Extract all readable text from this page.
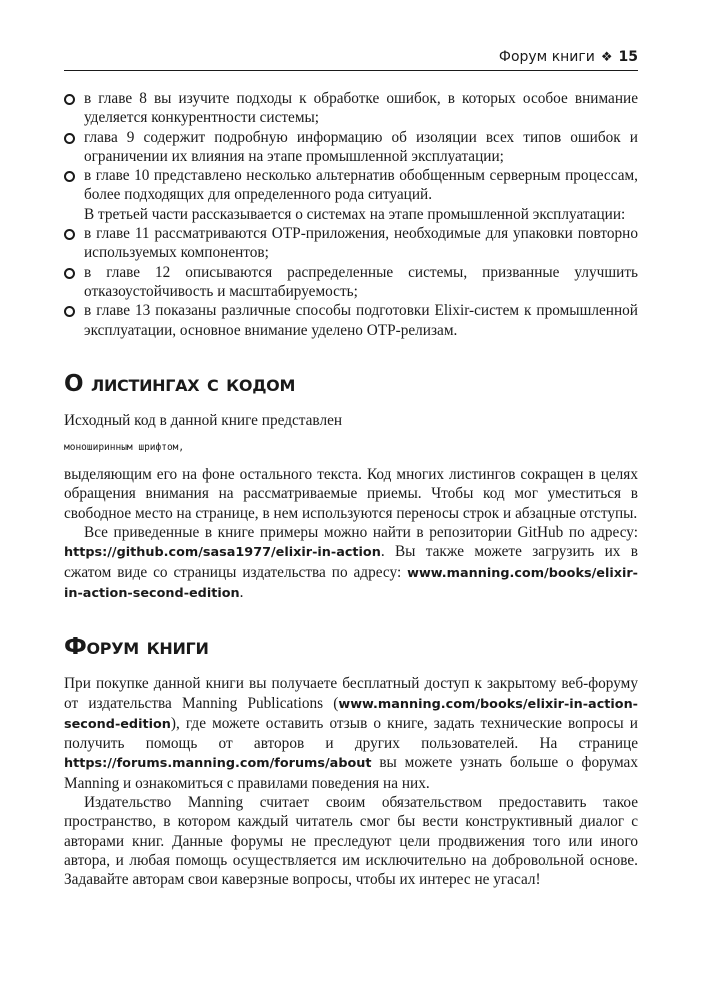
Форум книги ❖ 15
в главе 8 вы изучите подходы к обработке ошибок, в которых особое внимание уделяется конкурентности системы;
глава 9 содержит подробную информацию об изоляции всех типов ошибок и ограничении их влияния на этапе промышленной эксплуатации;
в главе 10 представлено несколько альтернатив обобщенным серверным процессам, более подходящих для определенного рода ситуаций.

В третьей части рассказывается о системах на этапе промышленной эксплуатации:

в главе 11 рассматриваются OTP-приложения, необходимые для упаковки повторно используемых компонентов;
в главе 12 описываются распределенные системы, призванные улучшить отказоустойчивость и масштабируемость;
в главе 13 показаны различные способы подготовки Elixir-систем к промышленной эксплуатации, основное внимание уделено OTP-релизам.
О листингах с кодом

Исходный код в данной книге представлен

моноширинным шрифтом,

выделяющим его на фоне остального текста. Код многих листингов сокращен в целях обращения внимания на рассматриваемые приемы. Чтобы код мог уместиться в свободное место на странице, в нем используются переносы строк и абзацные отступы.

Все приведенные в книге примеры можно найти в репозитории GitHub по адресу: https://github.com/sasa1977/elixir-in-action. Вы также можете загрузить их в сжатом виде со страницы издательства по адресу: www.manning.com/books/elixir-in-action-second-edition.

Форум книги

При покупке данной книги вы получаете бесплатный доступ к закрытому веб-форуму от издательства Manning Publications (www.manning.com/books/elixir-in-action-second-edition), где можете оставить отзыв о книге, задать технические вопросы и получить помощь от авторов и других пользователей. На странице https://forums.manning.com/forums/about вы можете узнать больше о форумах Manning и ознакомиться с правилами поведения на них.

Издательство Manning считает своим обязательством предоставить такое пространство, в котором каждый читатель смог бы вести конструктивный диалог с авторами книг. Данные форумы не преследуют цели продвижения того или иного автора, и любая помощь осуществляется им исключительно на добровольной основе. Задавайте авторам свои каверзные вопросы, чтобы их интерес не угасал!
